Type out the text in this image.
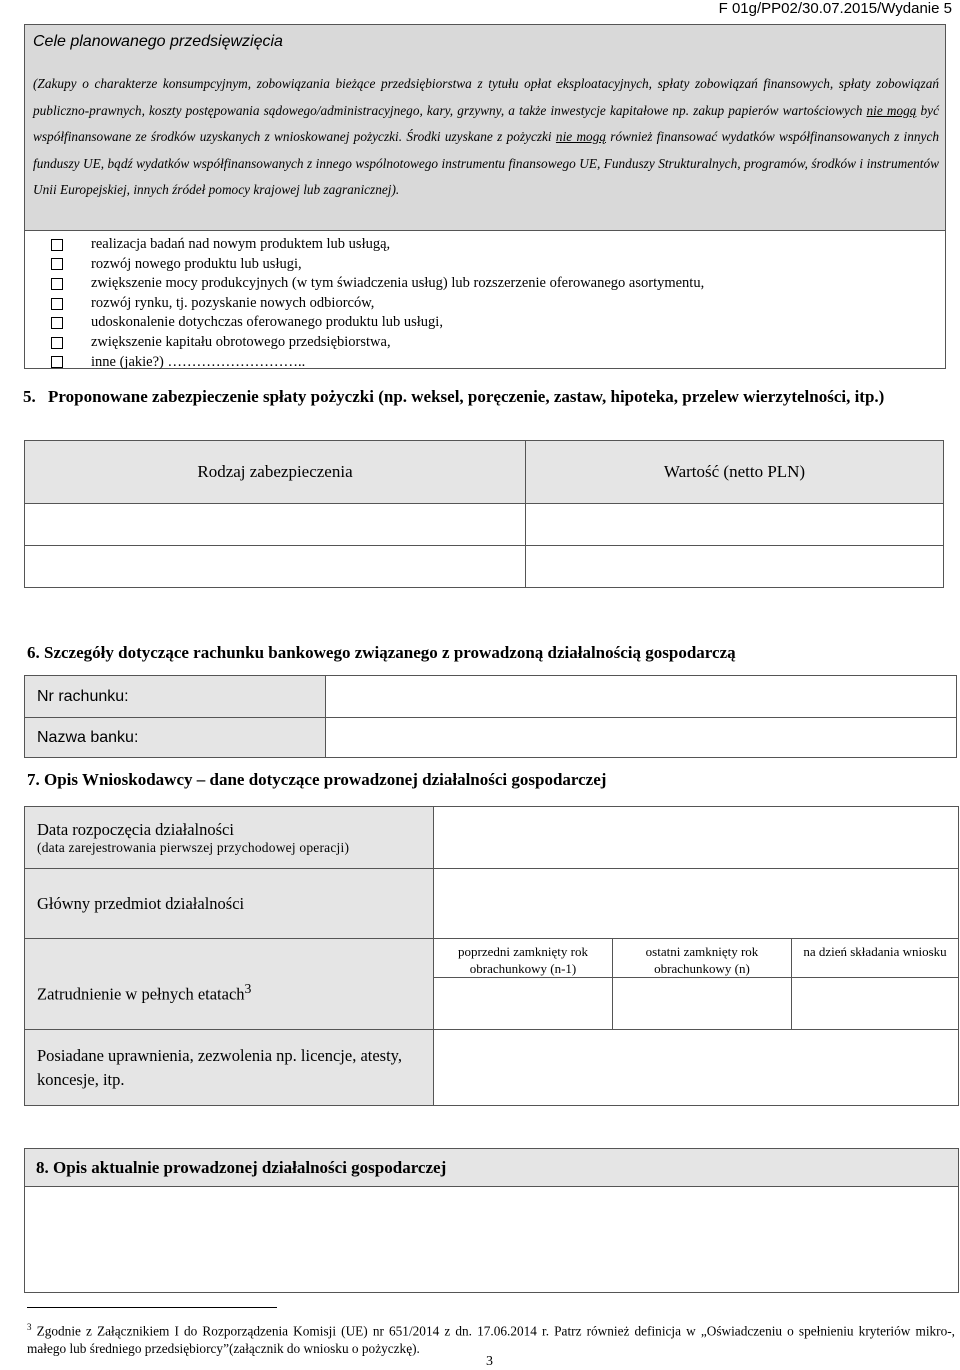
F 01g/PP02/30.07.2015/Wydanie 5
Cele planowanego przedsięwzięcia
(Zakupy o charakterze konsumpcyjnym, zobowiązania bieżące przedsiębiorstwa z tytułu opłat eksploatacyjnych, spłaty zobowiązań finansowych, spłaty zobowiązań publiczno-prawnych, koszty postępowania sądowego/administracyjnego, kary, grzywny, a także inwestycje kapitałowe np. zakup papierów wartościowych nie mogą być współfinansowane ze środków uzyskanych z wnioskowanej pożyczki. Środki uzyskane z pożyczki nie mogą również finansować wydatków współfinansowanych z innych funduszy UE, bądź wydatków współfinansowanych z innego wspólnotowego instrumentu finansowego UE, Funduszy Strukturalnych, programów, środków i instrumentów Unii Europejskiej, innych źródeł pomocy krajowej lub zagranicznej).
realizacja badań nad nowym produktem lub usługą,
rozwój nowego produktu lub usługi,
zwiększenie mocy produkcyjnych (w tym świadczenia usług) lub rozszerzenie oferowanego asortymentu,
rozwój rynku, tj. pozyskanie nowych odbiorców,
udoskonalenie dotychczas oferowanego produktu lub usługi,
zwiększenie kapitału obrotowego przedsiębiorstwa,
inne (jakie?) ………………………..
5. Proponowane zabezpieczenie spłaty pożyczki (np. weksel, poręczenie, zastaw, hipoteka, przelew wierzytelności, itp.)
Rodzaj zabezpieczenia	Wartość (netto PLN)

6. Szczegóły dotyczące rachunku bankowego związanego z prowadzoną działalnością gospodarczą
Nr rachunku:	
Nazwa banku:	
7. Opis Wnioskodawcy – dane dotyczące prowadzonej działalności gospodarczej
Data rozpoczęcia działalności
(data zarejestrowania pierwszej przychodowej operacji)			

Główny przedmiot działalności			
Zatrudnienie w pełnych etatach$^3$	poprzedni zamknięty rok obrachunkowy (n-1)	ostatni zamknięty rok obrachunkowy (n)	na dzień składania wniosku

Posiadane uprawnienia, zezwolenia np. licencje, atesty, koncesje, itp.			
8. Opis aktualnie prowadzonej działalności gospodarczej

$^3$ Zgodnie z Załącznikiem I do Rozporządzenia Komisji (UE) nr 651/2014 z dn. 17.06.2014 r. Patrz również definicja w „Oświadczeniu o spełnieniu kryteriów mikro-, małego lub średniego przedsiębiorcy”(załącznik do wniosku o pożyczkę).
3
